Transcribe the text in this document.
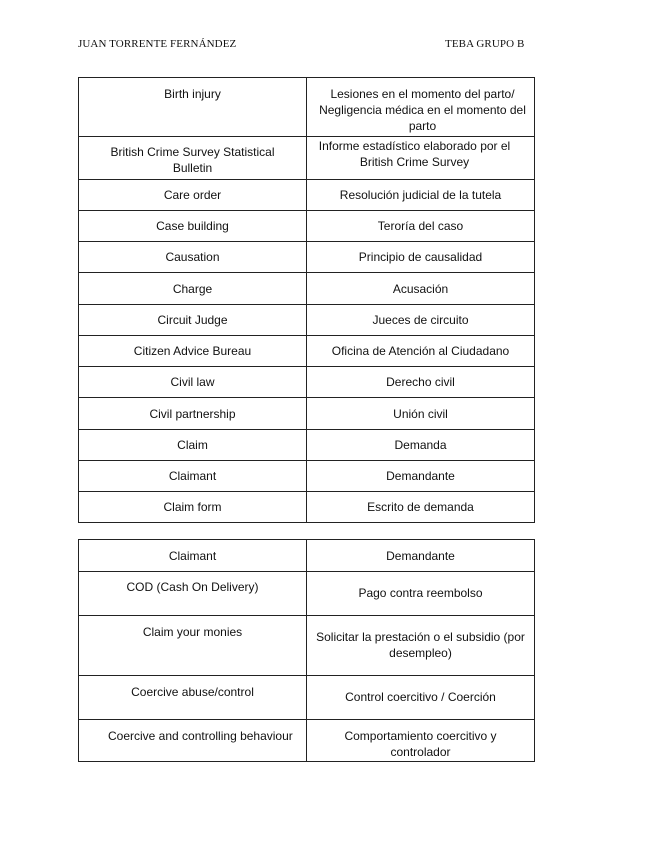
JUAN TORRENTE FERNÁNDEZ	TEBA GRUPO B
Birth injury	Lesiones en el momento del parto/ Negligencia médica en el momento del parto

British Crime Survey Statistical Bulletin	Informe estadístico elaborado por el British Crime Survey

Care order	Resolución judicial de la tutela

Case building	Terоría del caso

Causation	Principio de causalidad

Charge	Acusación

Circuit Judge	Jueces de circuito

Citizen Advice Bureau	Oficina de Atención al Ciudadano

Civil law	Derecho civil

Civil partnership	Unión civil

Claim	Demanda

Claimant	Demandante

Claim form	Escrito de demanda
Claimant	Demandante

COD (Cash On Delivery)	Pago contra reembolso

Claim your monies	Solicitar la prestación o el subsidio (por desempleo)

Coercive abuse/control	Control coercitivo / Coerción

Coercive and controlling behaviour	Comportamiento coercitivo y controlador
